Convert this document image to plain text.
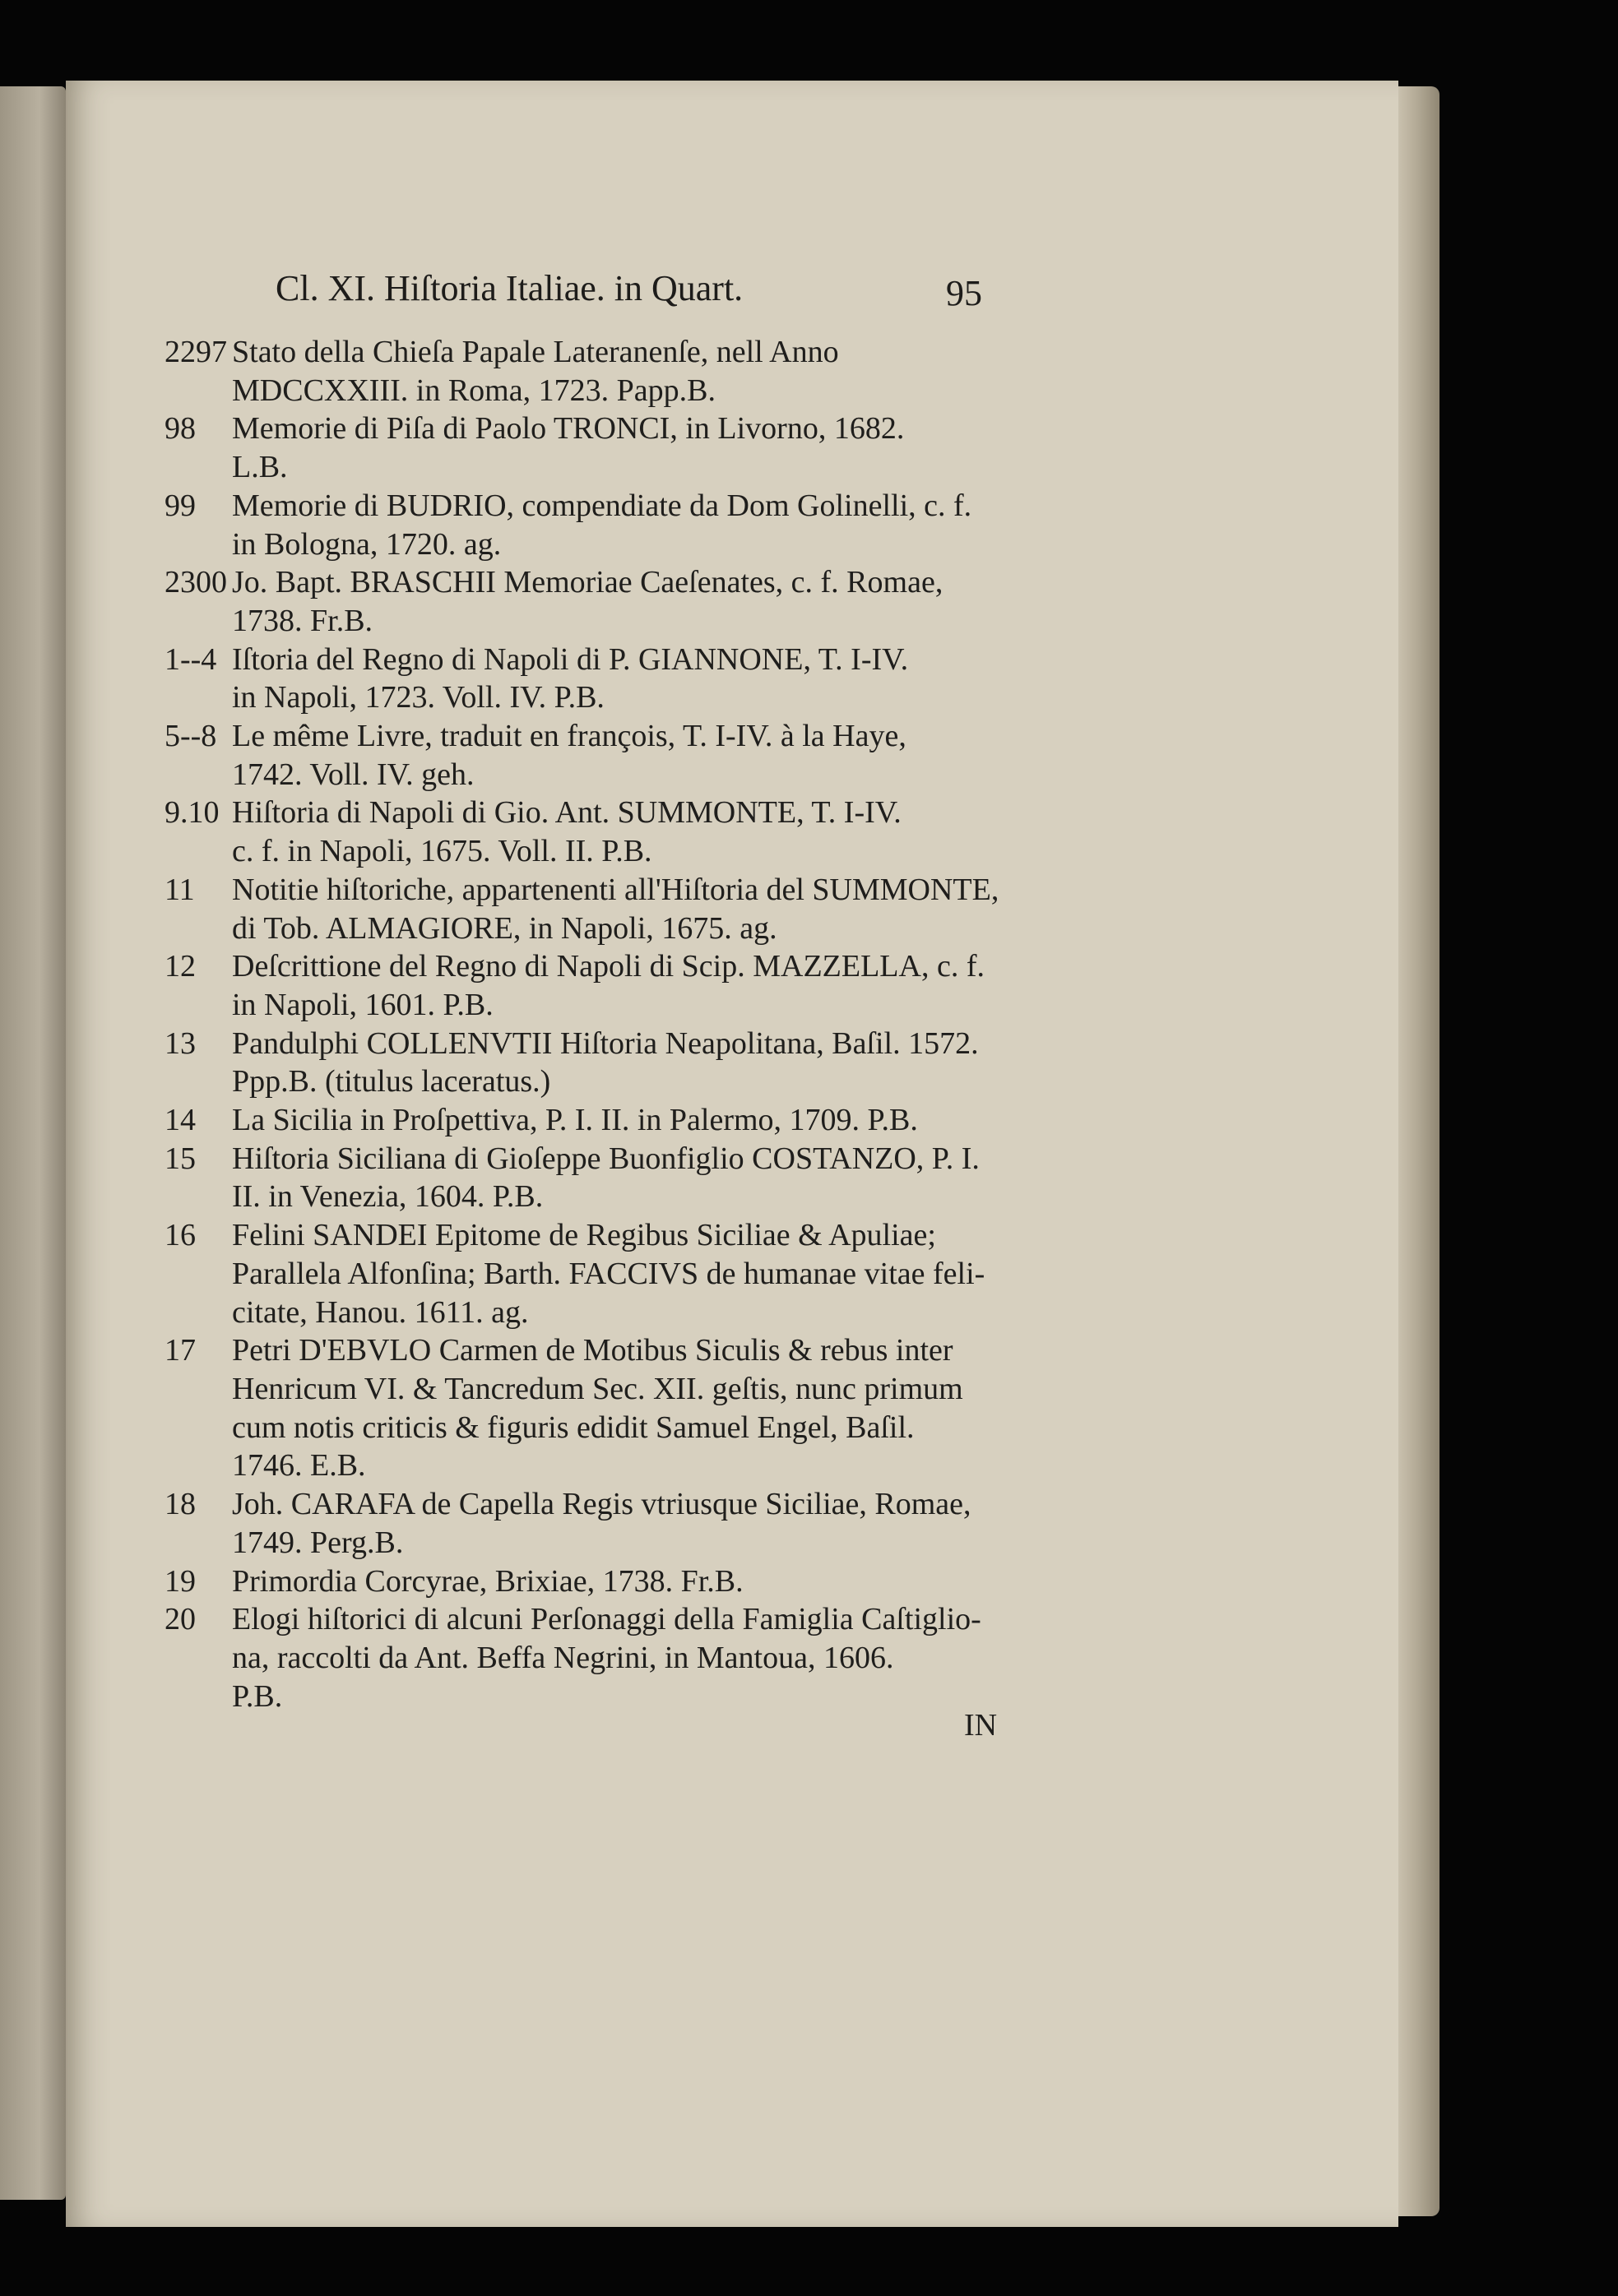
Cl. XI. Hiſtoria Italiae. in Quart.	95
2297 Stato della Chieſa Papale Lateranenſe, nell Anno
MDCCXXIII. in Roma, 1723. Papp.B.
98	Memorie di Piſa di Paolo TRONCI, in Livorno, 1682.
L.B.
99	Memorie di BUDRIO, compendiate da Dom Golinelli, c. f.
in Bologna, 1720. ag.
2300 Jo. Bapt. BRASCHII Memoriae Caeſenates, c. f. Romae,
1738. Fr.B.
1--4 Iſtoria del Regno di Napoli di P. GIANNONE, T. I-IV.
in Napoli, 1723. Voll. IV. P.B.
5--8 Le même Livre, traduit en françois, T. I-IV. à la Haye,
1742. Voll. IV. geh.
9.10 Hiſtoria di Napoli di Gio. Ant. SUMMONTE, T. I-IV.
c. f. in Napoli, 1675. Voll. II. P.B.
11	Notitie hiſtoriche, appartenenti all'Hiſtoria del SUMMONTE,
di Tob. ALMAGIORE, in Napoli, 1675. ag.
12	Deſcrittione del Regno di Napoli di Scip. MAZZELLA, c. f.
in Napoli, 1601. P.B.
13	Pandulphi COLLENVTII Hiſtoria Neapolitana, Baſil. 1572.
Ppp.B. (titulus laceratus.)
14	La Sicilia in Proſpettiva, P. I. II. in Palermo, 1709. P.B.
15	Hiſtoria Siciliana di Gioſeppe Buonfiglio COSTANZO, P. I.
II. in Venezia, 1604. P.B.
16	Felini SANDEI Epitome de Regibus Siciliae & Apuliae;
Parallela Alfonſina; Barth. FACCIVS de humanae vitae feli-
citate, Hanou. 1611. ag.
17	Petri D'EBVLO Carmen de Motibus Siculis & rebus inter
Henricum VI. & Tancredum Sec. XII. geſtis, nunc primum
cum notis criticis & figuris edidit Samuel Engel, Baſil.
1746. E.B.
18	Joh. CARAFA de Capella Regis vtriusque Siciliae, Romae,
1749. Perg.B.
19	Primordia Corcyrae, Brixiae, 1738. Fr.B.
20	Elogi hiſtorici di alcuni Perſonaggi della Famiglia Caſtiglio-
na, raccolti da Ant. Beffa Negrini, in Mantoua, 1606.
P.B.
IN
